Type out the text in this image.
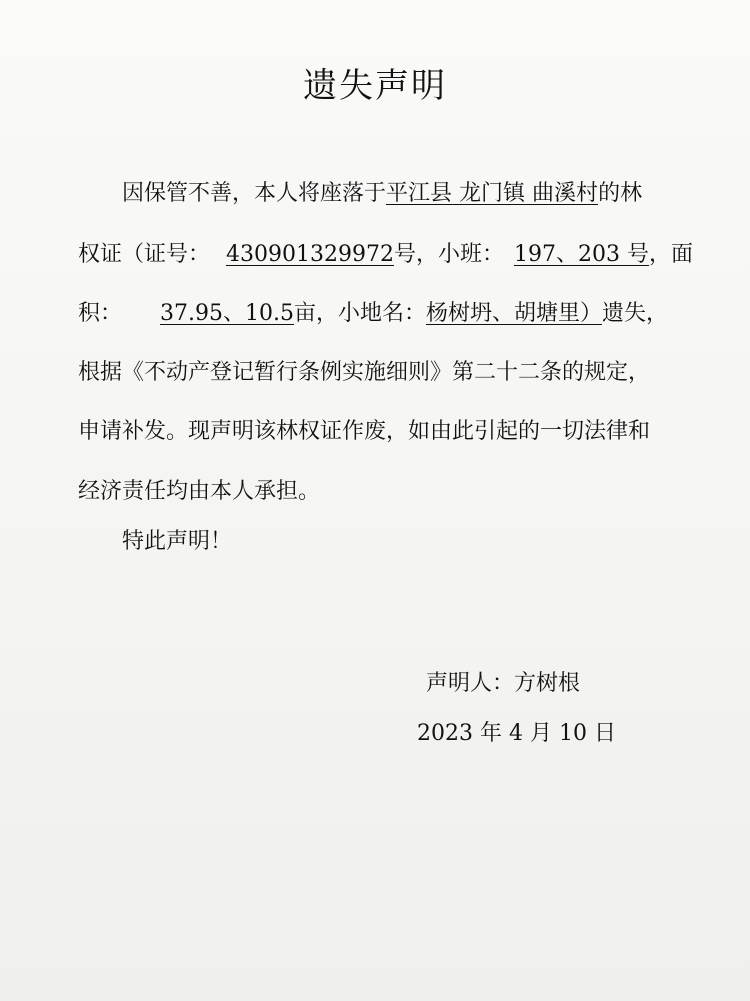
遗失声明
因保管不善，本人将座落于平江县 龙门镇 曲溪村的林
权证（证号： 430901329972号，小班： 197、203 号，面
积： 37.95、10.5亩，小地名：杨树坍、胡塘里）遗失，
根据《不动产登记暂行条例实施细则》第二十二条的规定，
申请补发。现声明该林权证作废，如由此引起的一切法律和
经济责任均由本人承担。
特此声明！
声明人：方树根
2023 年 4 月 10 日
